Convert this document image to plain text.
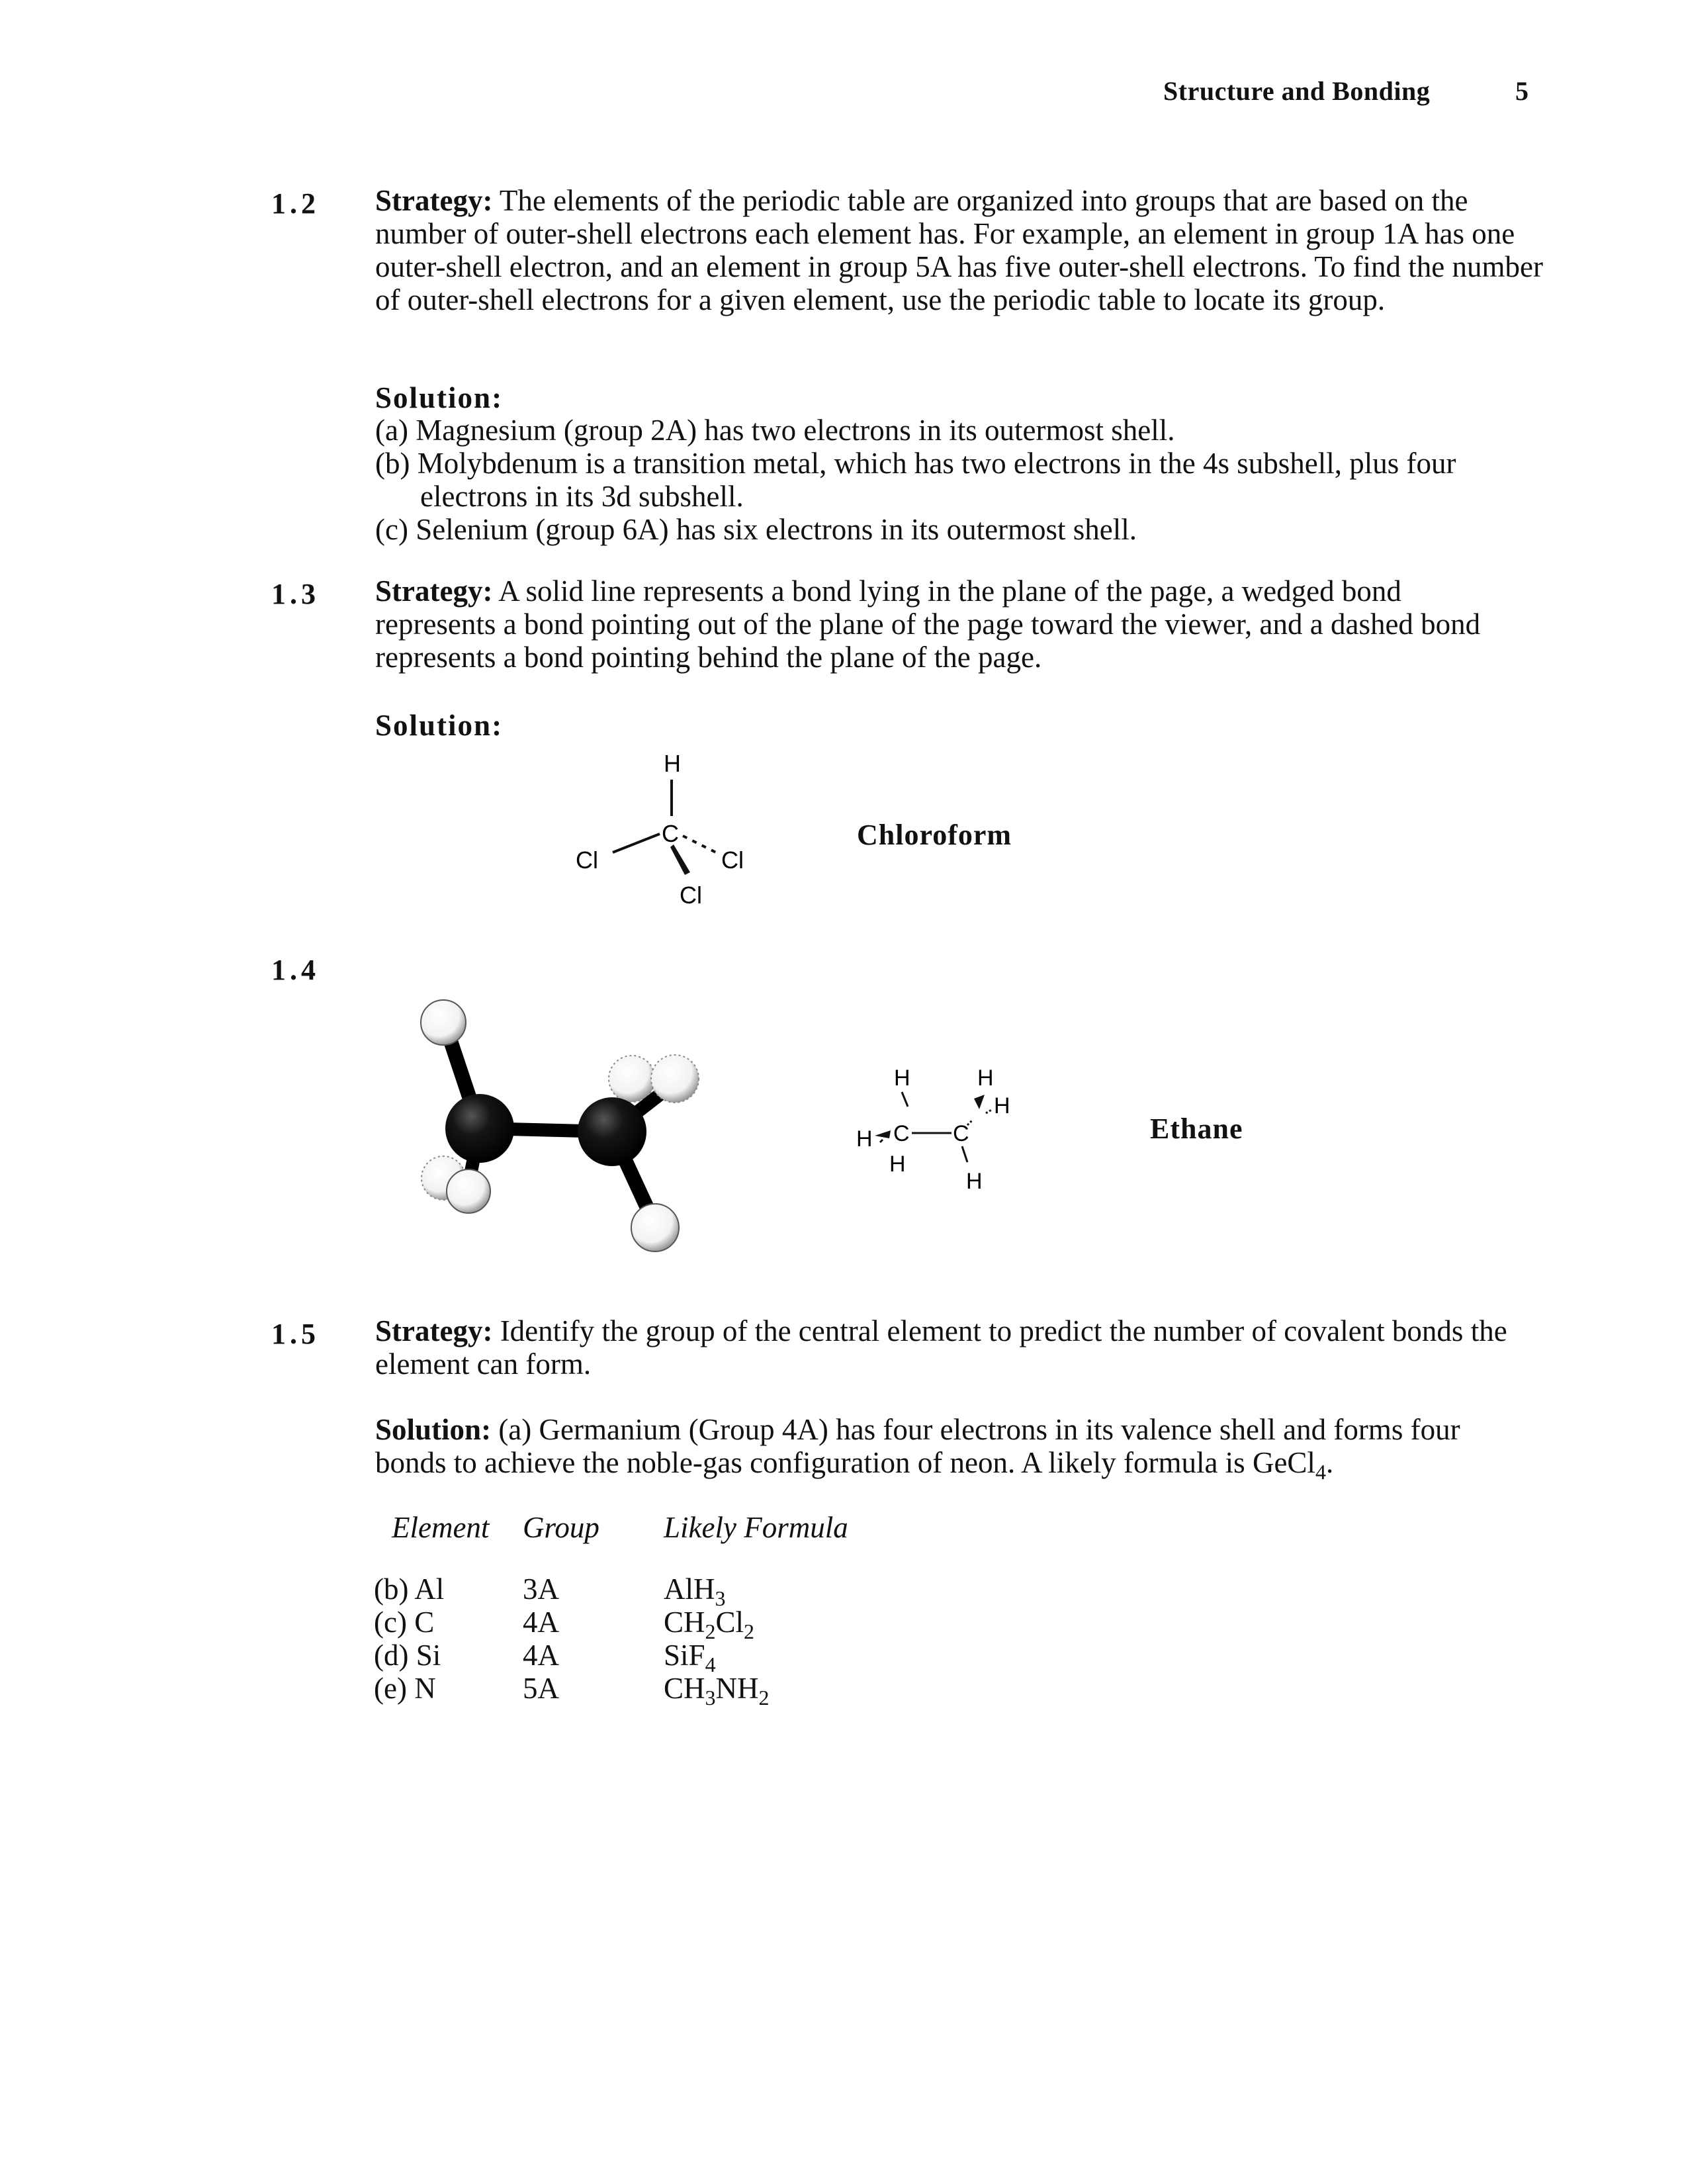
Structure and Bonding	5
1.2 Strategy: The elements of the periodic table are organized into groups that are based on the number of outer-shell electrons each element has. For example, an element in group 1A has one outer-shell electron, and an element in group 5A has five outer-shell electrons. To find the number of outer-shell electrons for a given element, use the periodic table to locate its group.
Solution:
(a) Magnesium (group 2A) has two electrons in its outermost shell.
(b) Molybdenum is a transition metal, which has two electrons in the 4s subshell, plus four
electrons in its 3d subshell.
(c) Selenium (group 6A) has six electrons in its outermost shell.
1.3 Strategy: A solid line represents a bond lying in the plane of the page, a wedged bond represents a bond pointing out of the plane of the page toward the viewer, and a dashed bond represents a bond pointing behind the plane of the page.
Solution:
H
C
Cl	Cl
Cl
Chloroform
1.4
H	H
H
H C C
H
H
Ethane
1.5 Strategy: Identify the group of the central element to predict the number of covalent bonds the element can form.
Solution: (a) Germanium (Group 4A) has four electrons in its valence shell and forms four bonds to achieve the noble-gas configuration of neon. A likely formula is GeCl$_4$.
Element Group Likely Formula
(b) Al	3A	AlH$_3$
(c) C	4A	$CH_2Cl_2$
(d) Si	4A	SiF$_4$
(e) N	5A	$CH_3NH_2$
